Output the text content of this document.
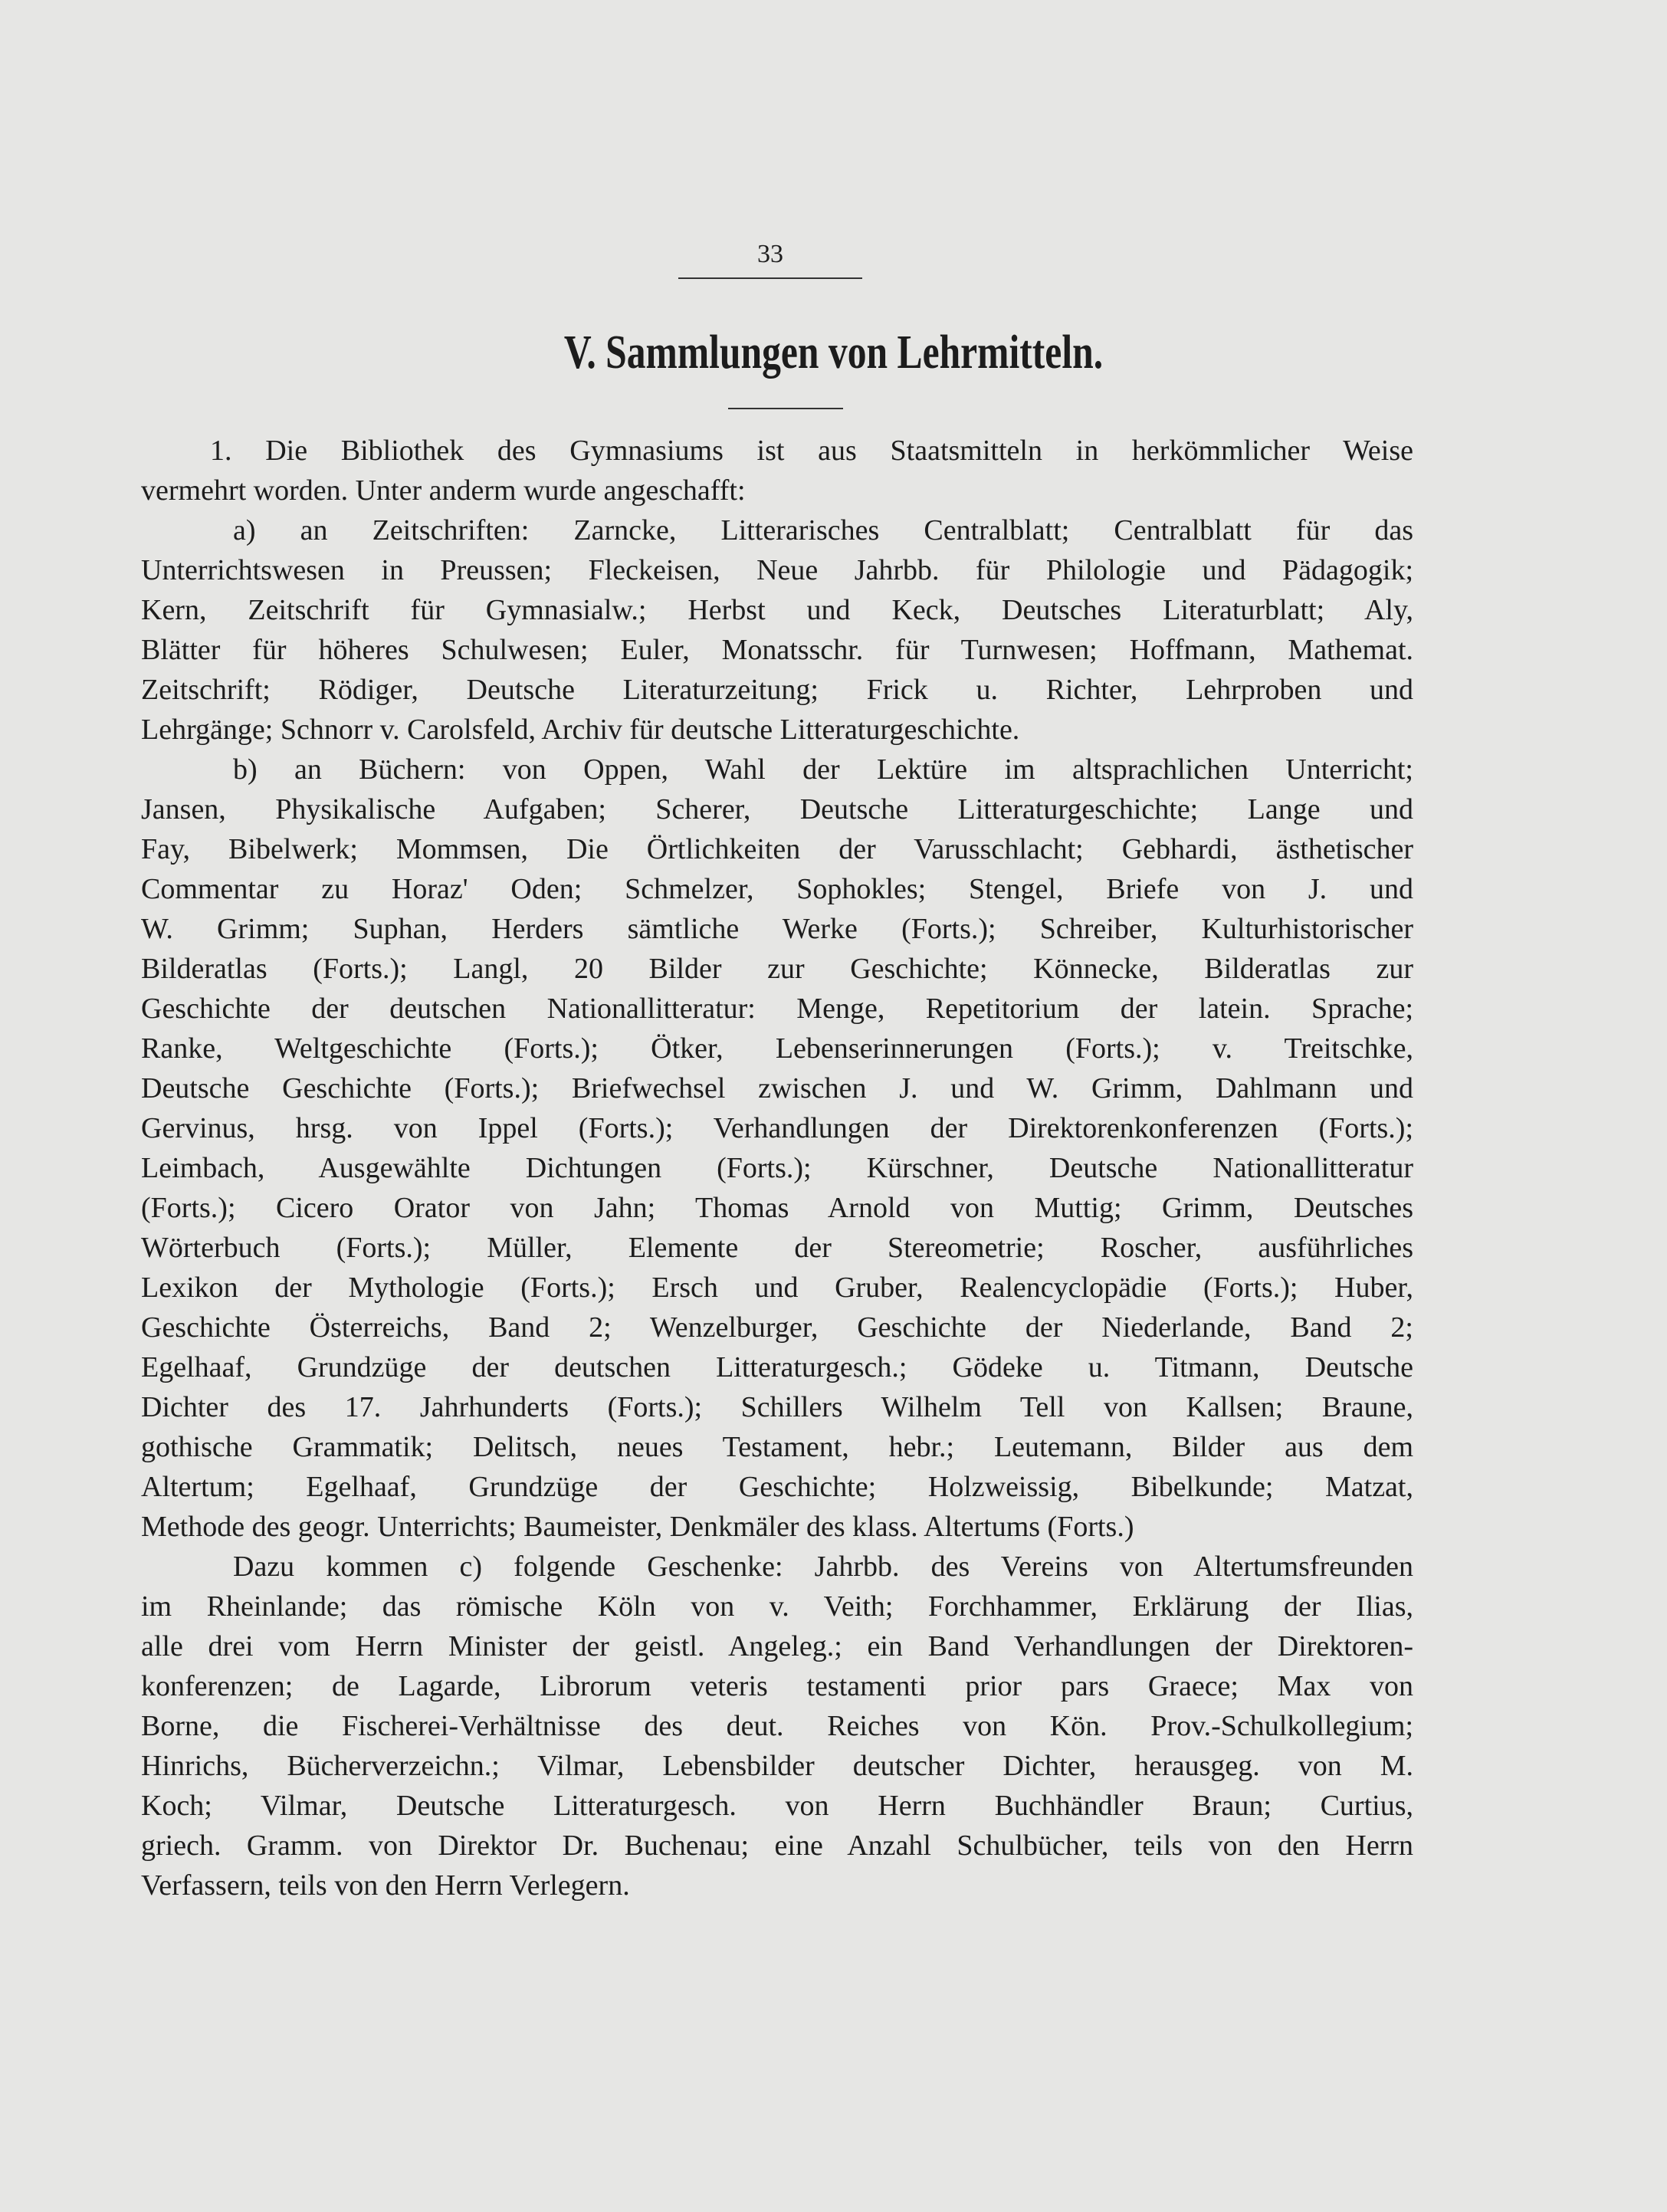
33
V. Sammlungen von Lehrmitteln.
1. Die Bibliothek des Gymnasiums ist aus Staatsmitteln in herkömmlicher Weise
vermehrt worden. Unter anderm wurde angeschafft:
a) an Zeitschriften: Zarncke, Litterarisches Centralblatt; Centralblatt für das
Unterrichtswesen in Preussen; Fleckeisen, Neue Jahrbb. für Philologie und Pädagogik;
Kern, Zeitschrift für Gymnasialw.; Herbst und Keck, Deutsches Literaturblatt; Aly,
Blätter für höheres Schulwesen; Euler, Monatsschr. für Turnwesen; Hoffmann, Mathemat.
Zeitschrift; Rödiger, Deutsche Literaturzeitung; Frick u. Richter, Lehrproben und
Lehrgänge; Schnorr v. Carolsfeld, Archiv für deutsche Litteraturgeschichte.
b) an Büchern: von Oppen, Wahl der Lektüre im altsprachlichen Unterricht;
Jansen, Physikalische Aufgaben; Scherer, Deutsche Litteraturgeschichte; Lange und
Fay, Bibelwerk; Mommsen, Die Örtlichkeiten der Varusschlacht; Gebhardi, ästhetischer
Commentar zu Horaz' Oden; Schmelzer, Sophokles; Stengel, Briefe von J. und
W. Grimm; Suphan, Herders sämtliche Werke (Forts.); Schreiber, Kulturhistorischer
Bilderatlas (Forts.); Langl, 20 Bilder zur Geschichte; Könnecke, Bilderatlas zur
Geschichte der deutschen Nationallitteratur: Menge, Repetitorium der latein. Sprache;
Ranke, Weltgeschichte (Forts.); Ötker, Lebenserinnerungen (Forts.); v. Treitschke,
Deutsche Geschichte (Forts.); Briefwechsel zwischen J. und W. Grimm, Dahlmann und
Gervinus, hrsg. von Ippel (Forts.); Verhandlungen der Direktorenkonferenzen (Forts.);
Leimbach, Ausgewählte Dichtungen (Forts.); Kürschner, Deutsche Nationallitteratur
(Forts.); Cicero Orator von Jahn; Thomas Arnold von Muttig; Grimm, Deutsches
Wörterbuch (Forts.); Müller, Elemente der Stereometrie; Roscher, ausführliches
Lexikon der Mythologie (Forts.); Ersch und Gruber, Realencyclopädie (Forts.); Huber,
Geschichte Österreichs, Band 2; Wenzelburger, Geschichte der Niederlande, Band 2;
Egelhaaf, Grundzüge der deutschen Litteraturgesch.; Gödeke u. Titmann, Deutsche
Dichter des 17. Jahrhunderts (Forts.); Schillers Wilhelm Tell von Kallsen; Braune,
gothische Grammatik; Delitsch, neues Testament, hebr.; Leutemann, Bilder aus dem
Altertum; Egelhaaf, Grundzüge der Geschichte; Holzweissig, Bibelkunde; Matzat,
Methode des geogr. Unterrichts; Baumeister, Denkmäler des klass. Altertums (Forts.)
Dazu kommen c) folgende Geschenke: Jahrbb. des Vereins von Altertumsfreunden
im Rheinlande; das römische Köln von v. Veith; Forchhammer, Erklärung der Ilias,
alle drei vom Herrn Minister der geistl. Angeleg.; ein Band Verhandlungen der Direktoren-
konferenzen; de Lagarde, Librorum veteris testamenti prior pars Graece; Max von
Borne, die Fischerei-Verhältnisse des deut. Reiches von Kön. Prov.-Schulkollegium;
Hinrichs, Bücherverzeichn.; Vilmar, Lebensbilder deutscher Dichter, herausgeg. von M.
Koch; Vilmar, Deutsche Litteraturgesch. von Herrn Buchhändler Braun; Curtius,
griech. Gramm. von Direktor Dr. Buchenau; eine Anzahl Schulbücher, teils von den Herrn
Verfassern, teils von den Herrn Verlegern.
